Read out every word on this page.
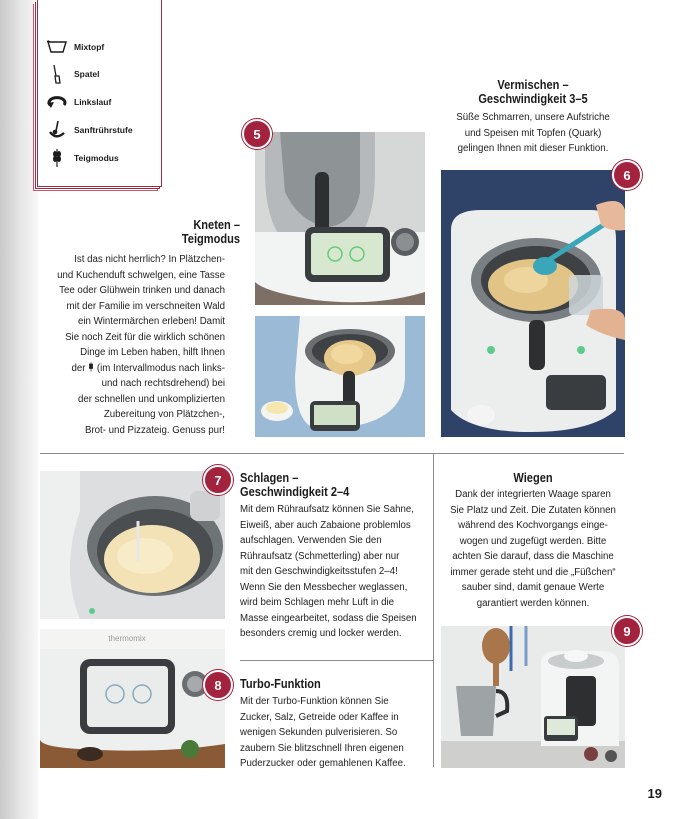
Mixtopf
Spatel
Linkslauf
Sanftrührstufe
Teigmodus
Kneten –
Teigmodus
Ist das nicht herrlich? In Plätzchen-
und Kuchenduft schwelgen, eine Tasse
Tee oder Glühwein trinken und danach
mit der Familie im verschneiten Wald
ein Wintermärchen erleben! Damit
Sie noch Zeit für die wirklich schönen
Dinge im Leben haben, hilft Ihnen
der (im Intervallmodus nach links-
und nach rechtsdrehend) bei
der schnellen und unkomplizierten
Zubereitung von Plätzchen-,
Brot- und Pizzateig. Genuss pur!
5
Vermischen –
Geschwindigkeit 3–5
Süße Schmarren, unsere Aufstriche
und Speisen mit Topfen (Quark)
gelingen Ihnen mit dieser Funktion.
6
7	Schlagen –
Geschwindigkeit 2–4
Mit dem Rühraufsatz können Sie Sahne,
Eiweiß, aber auch Zabaione problemlos
aufschlagen. Verwenden Sie den
Rühraufsatz (Schmetterling) aber nur
mit den Geschwindigkeitsstufen 2–4!
Wenn Sie den Messbecher weglassen,
wird beim Schlagen mehr Luft in die
Masse eingearbeitet, sodass die Speisen
besonders cremig und locker werden.
thermomix
8	Turbo-Funktion
Mit der Turbo-Funktion können Sie
Zucker, Salz, Getreide oder Kaffee in
wenigen Sekunden pulverisieren. So
zaubern Sie blitzschnell Ihren eigenen
Puderzucker oder gemahlenen Kaffee.
Wiegen
Dank der integrierten Waage sparen
Sie Platz und Zeit. Die Zutaten können
während des Kochvorgangs einge-
wogen und zugefügt werden. Bitte
achten Sie darauf, dass die Maschine
immer gerade steht und die „Füßchen“
sauber sind, damit genaue Werte
garantiert werden können.
9
19
